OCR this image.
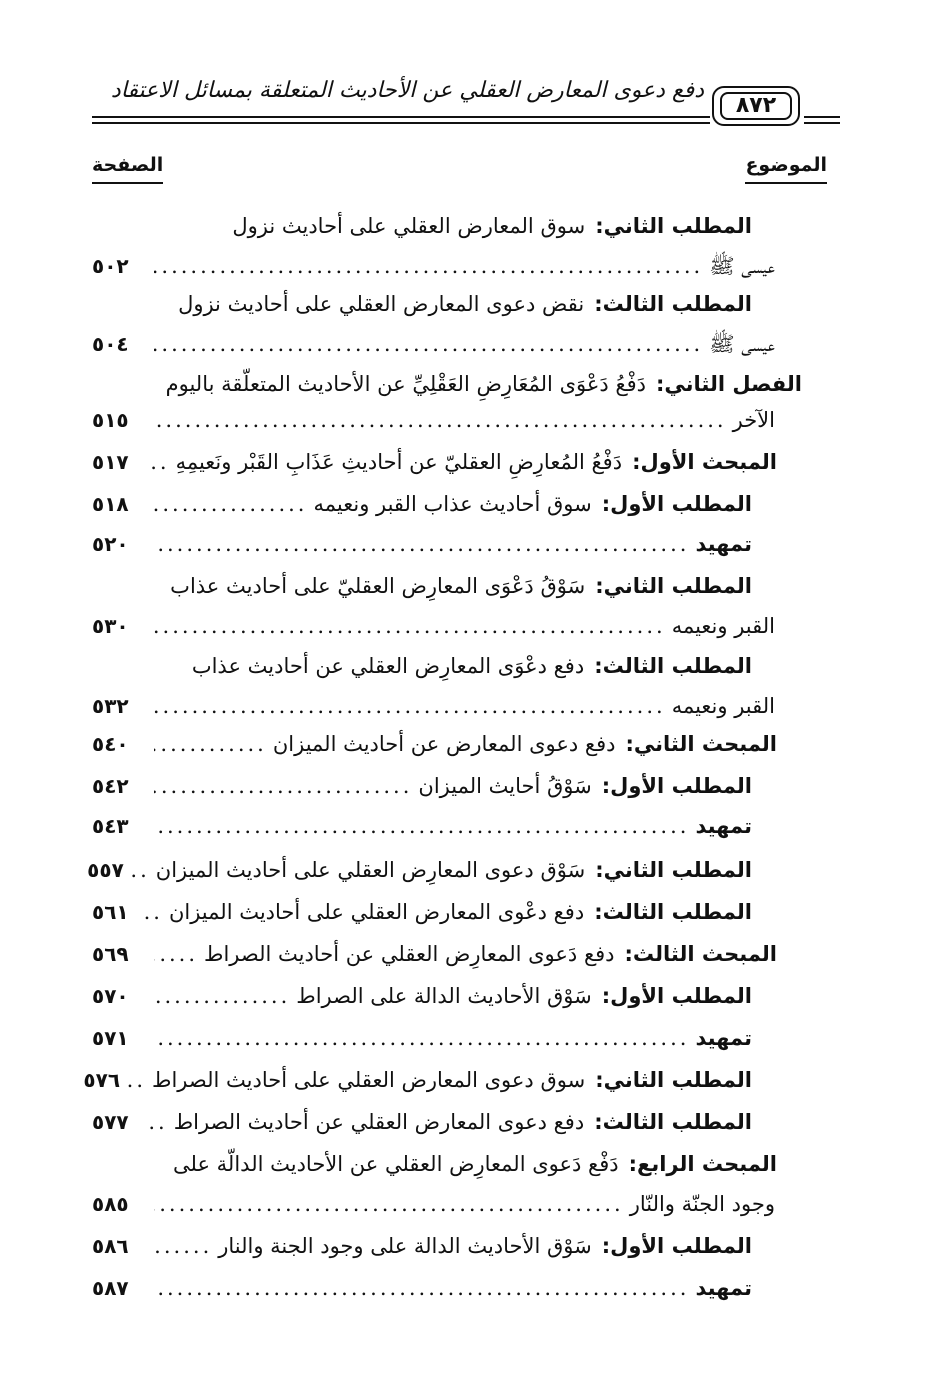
دفع دعوى المعارض العقلي عن الأحاديث المتعلقة بمسائل الاعتقاد
٨٧٢
الموضوع
الصفحة
المطلب الثاني:
سوق المعارض العقلي على أحاديث نزول
عيسى ﷺ
.....
٥٠٢
المطلب الثالث:
نقض دعوى المعارض العقلي على أحاديث نزول
عيسى ﷺ
.....
٥٠٤
الفصل الثاني:
دَفْعُ دَعْوَى المُعَارِضِ العَقْلِيِّ عن الأحاديث المتعلّقة باليوم
الآخر
.....
٥١٥
المبحث الأول:
دَفْعُ المُعارِضِ العقليّ عن أحاديثِ عَذَابِ القَبْر ونَعيمِهِ
.....
٥١٧
المطلب الأول:
سوق أحاديث عذاب القبر ونعيمه
.....
٥١٨
تمهيد
.....
٥٢٠
المطلب الثاني:
سَوْقُ دَعْوَى المعارِض العقليّ على أحاديث عذاب
القبر ونعيمه
.....
٥٣٠
المطلب الثالث:
دفع دعْوَى المعارِض العقلي عن أحاديث عذاب
القبر ونعيمه
.....
٥٣٢
المبحث الثاني:
دفع دعوى المعارض عن أحاديث الميزان
.....
٥٤٠
المطلب الأول:
سَوْقُ أحايث الميزان
.....
٥٤٢
تمهيد
.....
٥٤٣
المطلب الثاني:
سَوْق دعوى المعارِض العقلي على أحاديث الميزان
.....
٥٥٧
المطلب الثالث:
دفع دعْوى المعارض العقلي على أحاديث الميزان
.....
٥٦١
المبحث الثالث:
دفع دَعوى المعارِض العقلي عن أحاديث الصراط
.....
٥٦٩
المطلب الأول:
سَوْق الأحاديث الدالة على الصراط
.....
٥٧٠
تمهيد
.....
٥٧١
المطلب الثاني:
سوق دعوى المعارض العقلي على أحاديث الصراط
.....
٥٧٦
المطلب الثالث:
دفع دعوى المعارض العقلي عن أحاديث الصراط
.....
٥٧٧
المبحث الرابع:
دَفْع دَعوى المعارِض العقلي عن الأحاديث الدالّة على
وجود الجنّة والنّار
.....
٥٨٥
المطلب الأول:
سَوْق الأحاديث الدالة على وجود الجنة والنار
.....
٥٨٦
تمهيد
.....
٥٨٧
